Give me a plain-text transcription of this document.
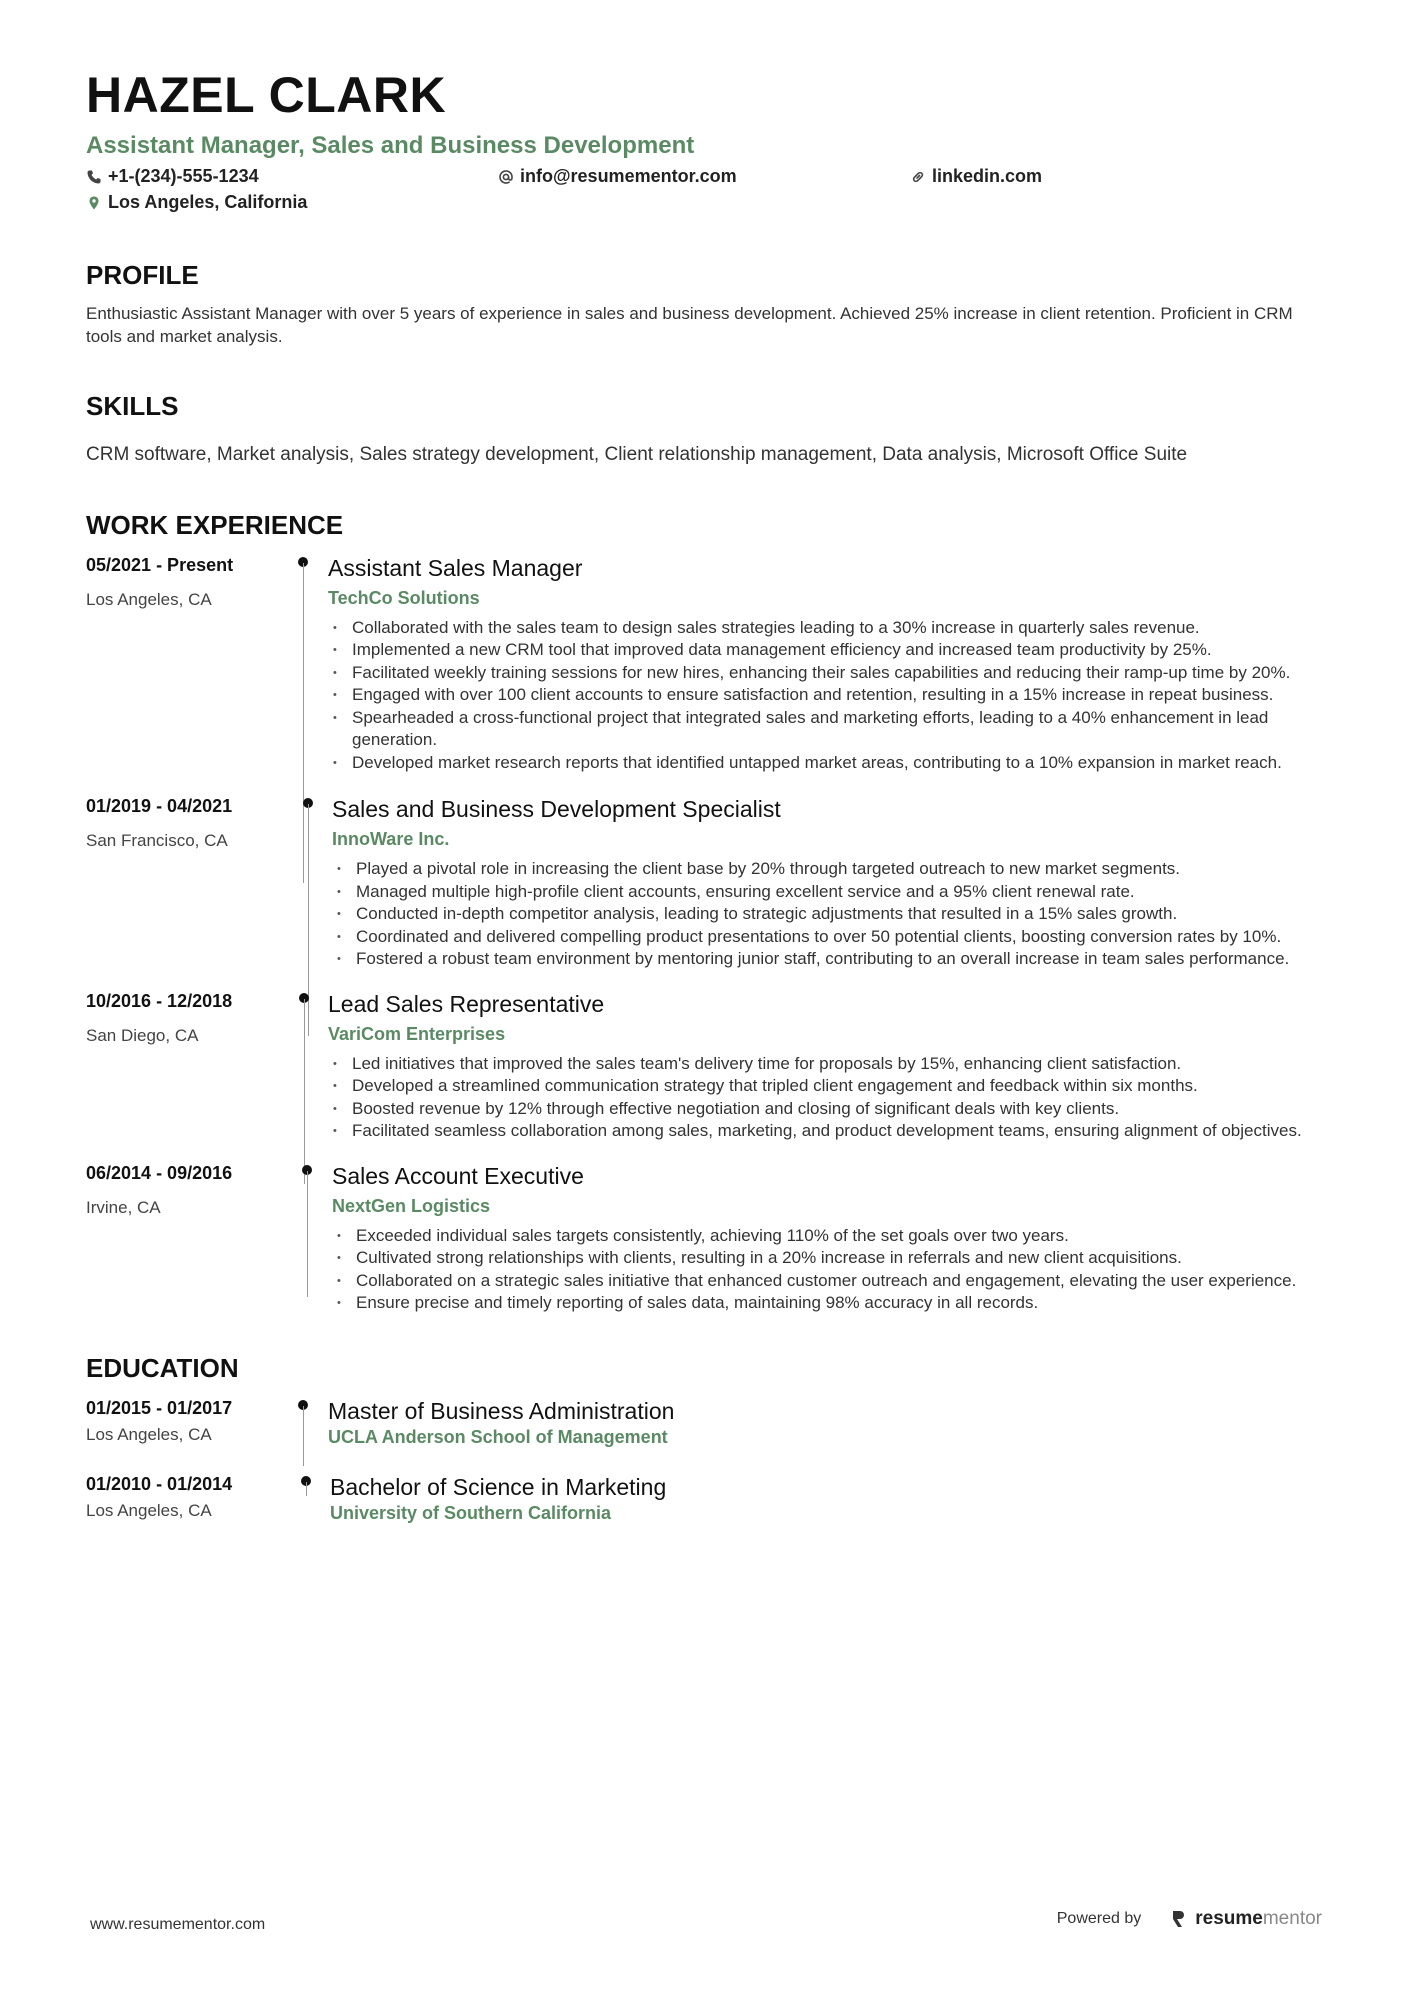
HAZEL CLARK
Assistant Manager, Sales and Business Development
+1-(234)-555-1234	info@resumementor.com	linkedin.com
Los Angeles, California
PROFILE
Enthusiastic Assistant Manager with over 5 years of experience in sales and business development. Achieved 25% increase in client retention. Proficient in CRM tools and market analysis.
SKILLS
CRM software, Market analysis, Sales strategy development, Client relationship management, Data analysis, Microsoft Office Suite
WORK EXPERIENCE
05/2021 - Present
Los Angeles, CA
Assistant Sales Manager
TechCo Solutions
• Collaborated with the sales team to design sales strategies leading to a 30% increase in quarterly sales revenue.
• Implemented a new CRM tool that improved data management efficiency and increased team productivity by 25%.
• Facilitated weekly training sessions for new hires, enhancing their sales capabilities and reducing their ramp-up time by 20%.
• Engaged with over 100 client accounts to ensure satisfaction and retention, resulting in a 15% increase in repeat business.
• Spearheaded a cross-functional project that integrated sales and marketing efforts, leading to a 40% enhancement in lead generation.
• Developed market research reports that identified untapped market areas, contributing to a 10% expansion in market reach.
01/2019 - 04/2021
San Francisco, CA
Sales and Business Development Specialist
InnoWare Inc.
• Played a pivotal role in increasing the client base by 20% through targeted outreach to new market segments.
• Managed multiple high-profile client accounts, ensuring excellent service and a 95% client renewal rate.
• Conducted in-depth competitor analysis, leading to strategic adjustments that resulted in a 15% sales growth.
• Coordinated and delivered compelling product presentations to over 50 potential clients, boosting conversion rates by 10%.
• Fostered a robust team environment by mentoring junior staff, contributing to an overall increase in team sales performance.
10/2016 - 12/2018
San Diego, CA
Lead Sales Representative
VariCom Enterprises
• Led initiatives that improved the sales team's delivery time for proposals by 15%, enhancing client satisfaction.
• Developed a streamlined communication strategy that tripled client engagement and feedback within six months.
• Boosted revenue by 12% through effective negotiation and closing of significant deals with key clients.
• Facilitated seamless collaboration among sales, marketing, and product development teams, ensuring alignment of objectives.
06/2014 - 09/2016
Irvine, CA
Sales Account Executive
NextGen Logistics
• Exceeded individual sales targets consistently, achieving 110% of the set goals over two years.
• Cultivated strong relationships with clients, resulting in a 20% increase in referrals and new client acquisitions.
• Collaborated on a strategic sales initiative that enhanced customer outreach and engagement, elevating the user experience.
• Ensure precise and timely reporting of sales data, maintaining 98% accuracy in all records.
EDUCATION
01/2015 - 01/2017
Los Angeles, CA
Master of Business Administration
UCLA Anderson School of Management
01/2010 - 01/2014
Los Angeles, CA
Bachelor of Science in Marketing
University of Southern California
www.resumementor.com	Powered by	resumementor
